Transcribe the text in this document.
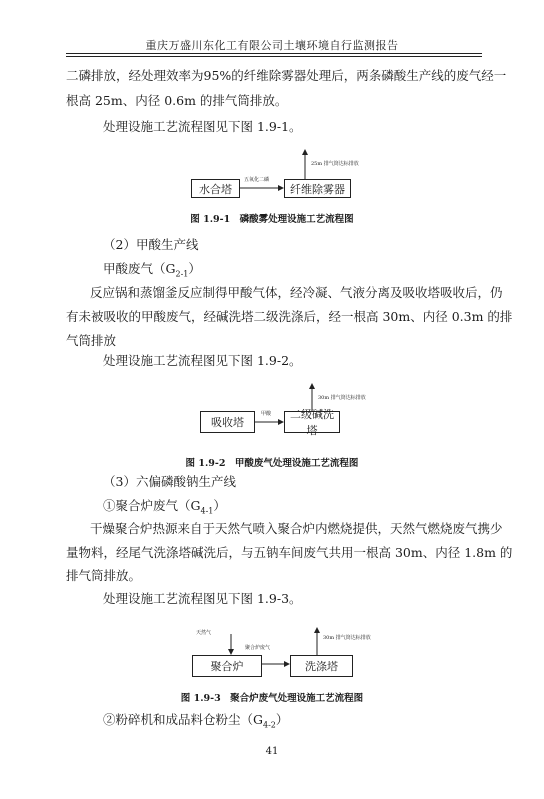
重庆万盛川东化工有限公司土壤环境自行监测报告
二磷排放，经处理效率为95%的纤维除雾器处理后，两条磷酸生产线的废气经一
根高 25m、内径 0.6m 的排气筒排放。
处理设施工艺流程图见下图 1.9-1。
水合塔	纤维除雾器
五氧化二磷
25m 排气筒达标排放
图 1.9-1　磷酸雾处理设施工艺流程图
（2）甲酸生产线
甲酸废气$(G_{2-1})$
反应锅和蒸馏釜反应制得甲酸气体，经冷凝、气液分离及吸收塔吸收后，仍
有未被吸收的甲酸废气，经碱洗塔二级洗涤后，经一根高 30m、内径 0.3m 的排
气筒排放
处理设施工艺流程图见下图 1.9-2。
吸收塔
二级碱洗塔
甲酸
30m 排气筒达标排放
图 1.9-2　甲酸废气处理设施工艺流程图
（3）六偏磷酸钠生产线
①聚合炉废气$(G_{4-1})$
干燥聚合炉热源来自于天然气喷入聚合炉内燃烧提供，天然气燃烧废气携少
量物料，经尾气洗涤塔碱洗后，与五钠车间废气共用一根高 30m、内径 1.8m 的
排气筒排放。
处理设施工艺流程图见下图 1.9-3。
天然气
聚合炉	洗涤塔
聚合炉废气
30m 排气筒达标排放
图 1.9-3　聚合炉废气处理设施工艺流程图
②粉碎机和成品料仓粉尘$(G_{4-2})$
41
